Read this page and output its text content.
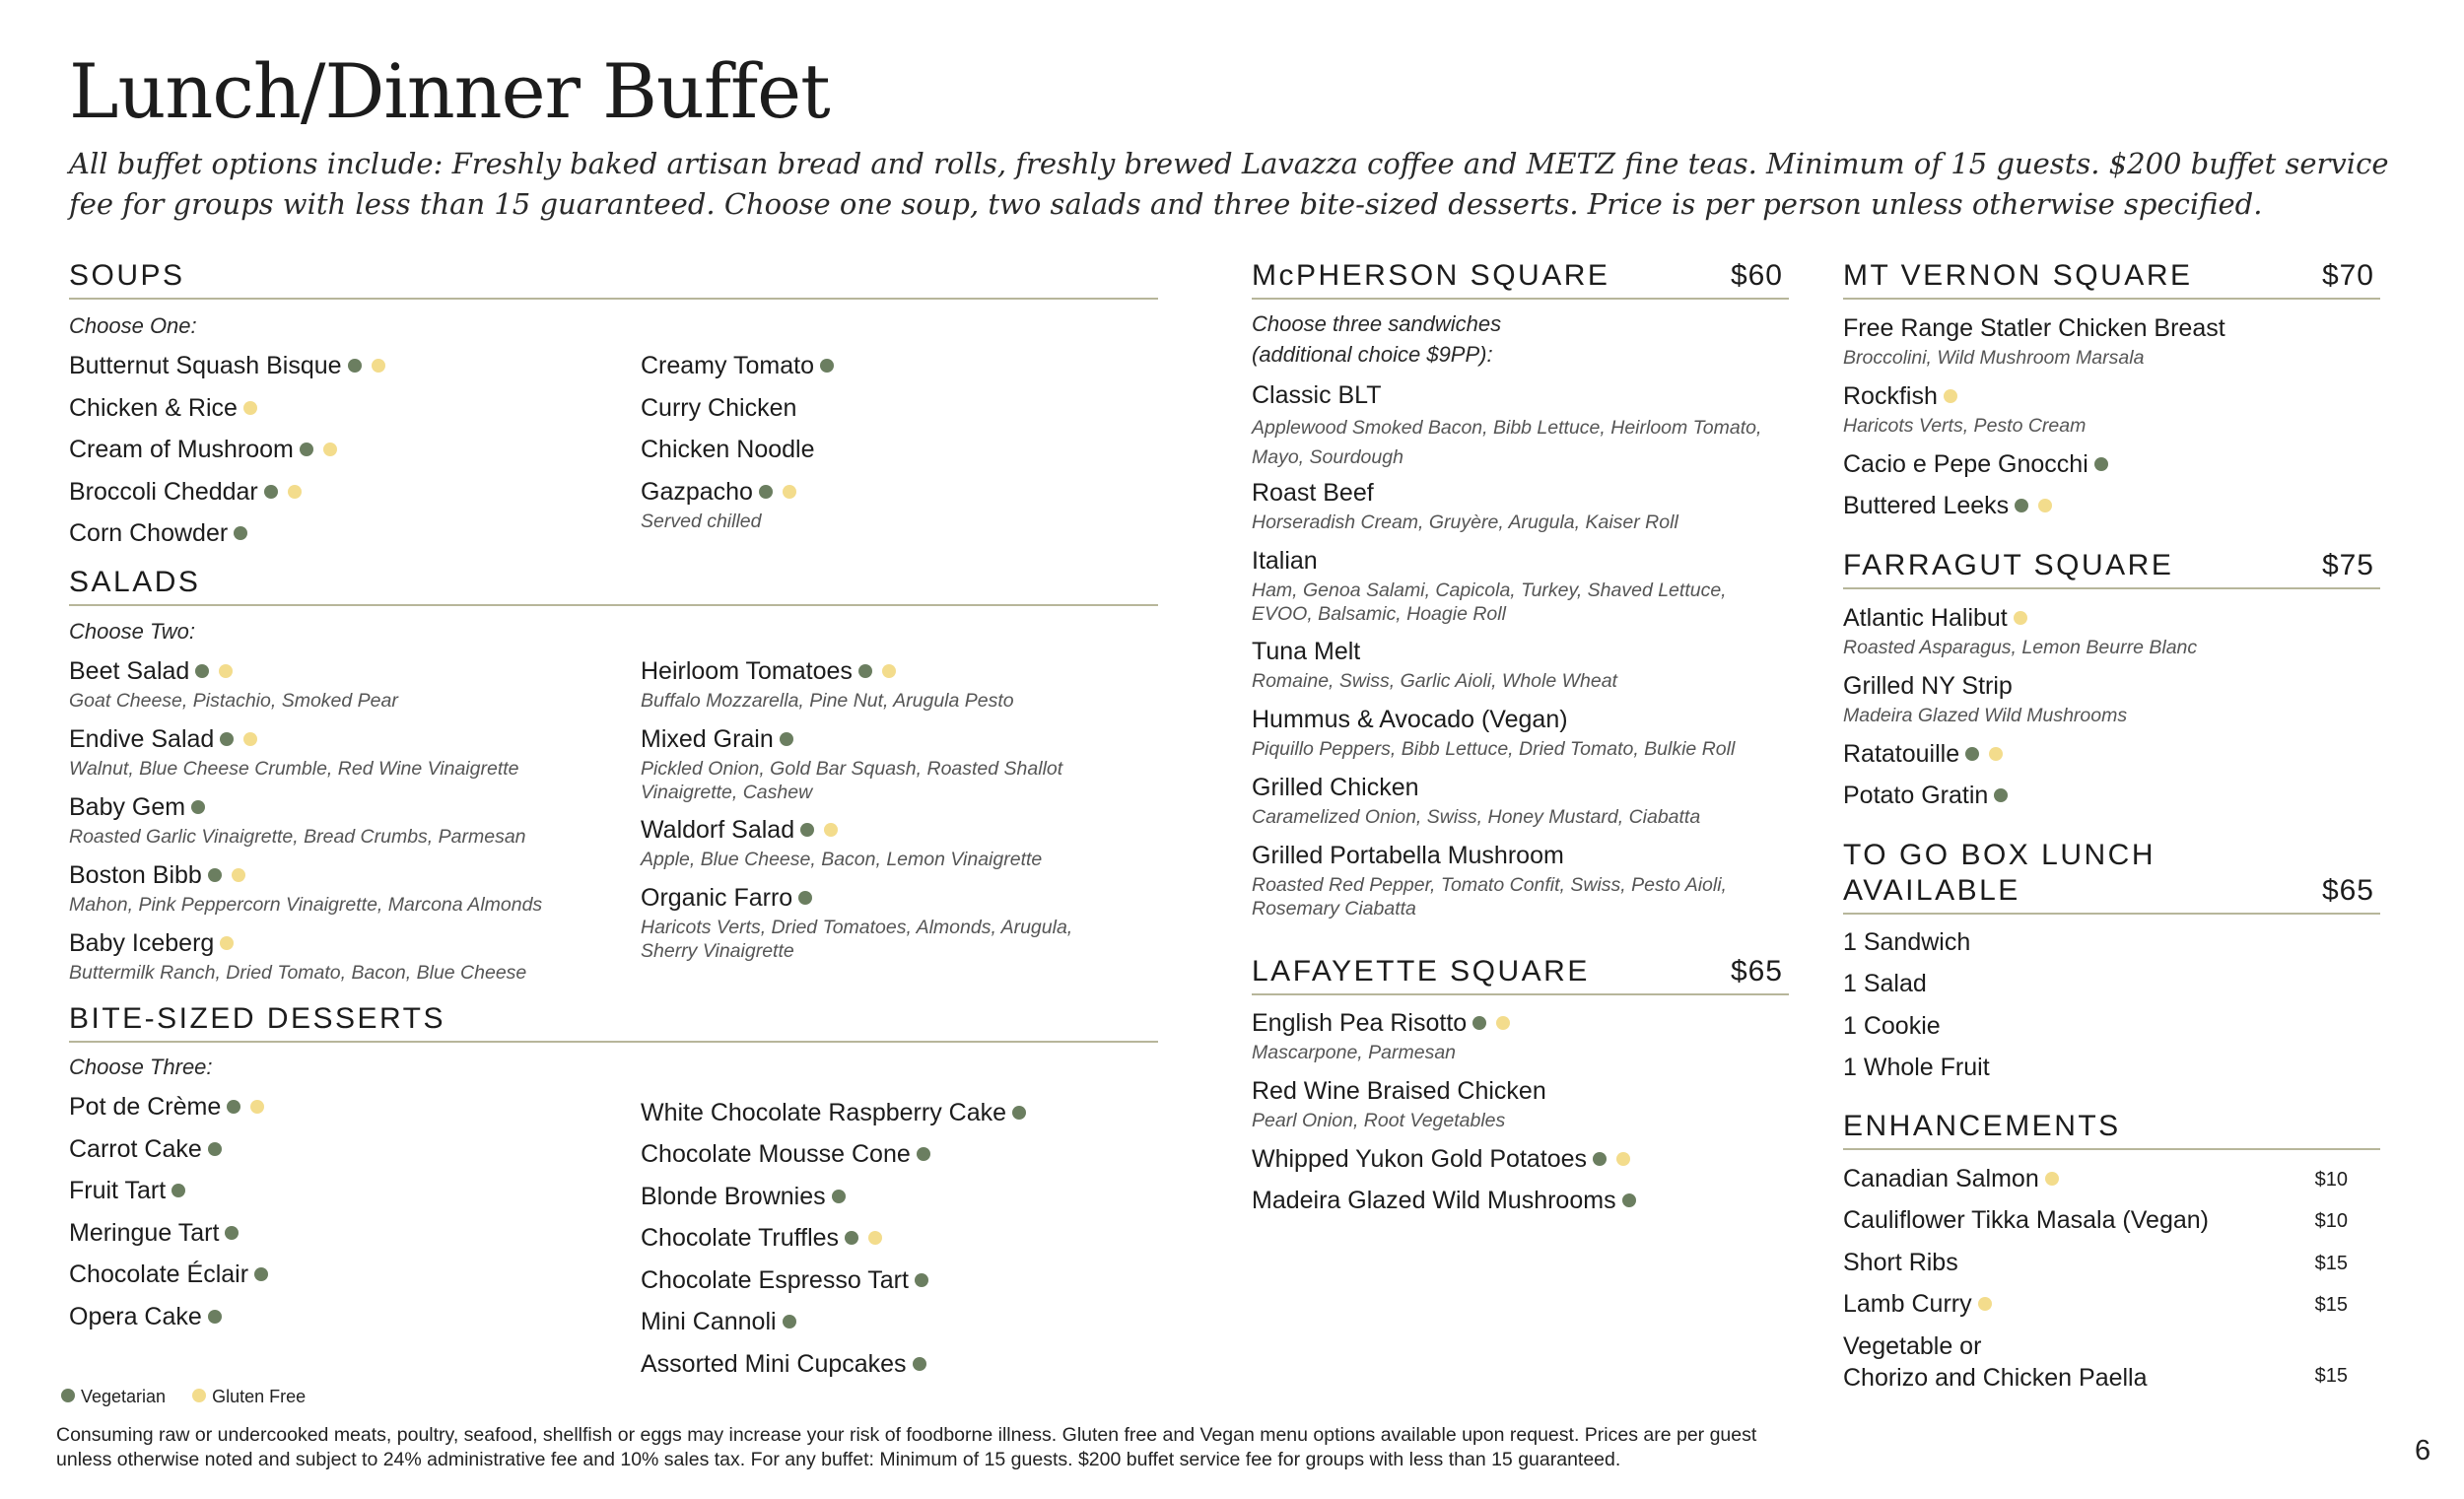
Lunch/Dinner Buffet
All buffet options include: Freshly baked artisan bread and rolls, freshly brewed Lavazza coffee and METZ fine teas. Minimum of 15 guests. $200 buffet service fee for groups with less than 15 guaranteed. Choose one soup, two salads and three bite-sized desserts. Price is per person unless otherwise specified.
SOUPS
Choose One:
Butternut Squash Bisque
Chicken & Rice
Cream of Mushroom
Broccoli Cheddar
Corn Chowder
Creamy Tomato
Curry Chicken
Chicken Noodle
Gazpacho
Served chilled
SALADS
Choose Two:
Beet Salad
Goat Cheese, Pistachio, Smoked Pear
Endive Salad
Walnut, Blue Cheese Crumble, Red Wine Vinaigrette
Baby Gem
Roasted Garlic Vinaigrette, Bread Crumbs, Parmesan
Boston Bibb
Mahon, Pink Peppercorn Vinaigrette, Marcona Almonds
Baby Iceberg
Buttermilk Ranch, Dried Tomato, Bacon, Blue Cheese
Heirloom Tomatoes
Buffalo Mozzarella, Pine Nut, Arugula Pesto
Mixed Grain
Pickled Onion, Gold Bar Squash, Roasted Shallot Vinaigrette, Cashew
Waldorf Salad
Apple, Blue Cheese, Bacon, Lemon Vinaigrette
Organic Farro
Haricots Verts, Dried Tomatoes, Almonds, Arugula, Sherry Vinaigrette
BITE-SIZED DESSERTS
Choose Three:
Pot de Crème
Carrot Cake
Fruit Tart
Meringue Tart
Chocolate Éclair
Opera Cake
White Chocolate Raspberry Cake
Chocolate Mousse Cone
Blonde Brownies
Chocolate Truffles
Chocolate Espresso Tart
Mini Cannoli
Assorted Mini Cupcakes
McPHERSON SQUARE	$60
Choose three sandwiches (additional choice $9PP):
Classic BLT
Applewood Smoked Bacon, Bibb Lettuce, Heirloom Tomato, Mayo, Sourdough
Roast Beef
Horseradish Cream, Gruyère, Arugula, Kaiser Roll
Italian
Ham, Genoa Salami, Capicola, Turkey, Shaved Lettuce, EVOO, Balsamic, Hoagie Roll
Tuna Melt
Romaine, Swiss, Garlic Aioli, Whole Wheat
Hummus & Avocado (Vegan)
Piquillo Peppers, Bibb Lettuce, Dried Tomato, Bulkie Roll
Grilled Chicken
Caramelized Onion, Swiss, Honey Mustard, Ciabatta
Grilled Portabella Mushroom
Roasted Red Pepper, Tomato Confit, Swiss, Pesto Aioli, Rosemary Ciabatta
LAFAYETTE SQUARE	$65
English Pea Risotto
Mascarpone, Parmesan
Red Wine Braised Chicken
Pearl Onion, Root Vegetables
Whipped Yukon Gold Potatoes
Madeira Glazed Wild Mushrooms
MT VERNON SQUARE	$70
Free Range Statler Chicken Breast
Broccolini, Wild Mushroom Marsala
Rockfish
Haricots Verts, Pesto Cream
Cacio e Pepe Gnocchi
Buttered Leeks
FARRAGUT SQUARE	$75
Atlantic Halibut
Roasted Asparagus, Lemon Beurre Blanc
Grilled NY Strip
Madeira Glazed Wild Mushrooms
Ratatouille
Potato Gratin
TO GO BOX LUNCH
AVAILABLE	$65
1 Sandwich
1 Salad
1 Cookie
1 Whole Fruit
ENHANCEMENTS
Canadian Salmon	$10
Cauliflower Tikka Masala (Vegan)	$10
Short Ribs	$15
Lamb Curry	$15
Vegetable or
Chorizo and Chicken Paella	$15
Vegetarian	Gluten Free
Consuming raw or undercooked meats, poultry, seafood, shellfish or eggs may increase your risk of foodborne illness. Gluten free and Vegan menu options available upon request. Prices are per guest unless otherwise noted and subject to 24% administrative fee and 10% sales tax. For any buffet: Minimum of 15 guests. $200 buffet service fee for groups with less than 15 guaranteed.	6
